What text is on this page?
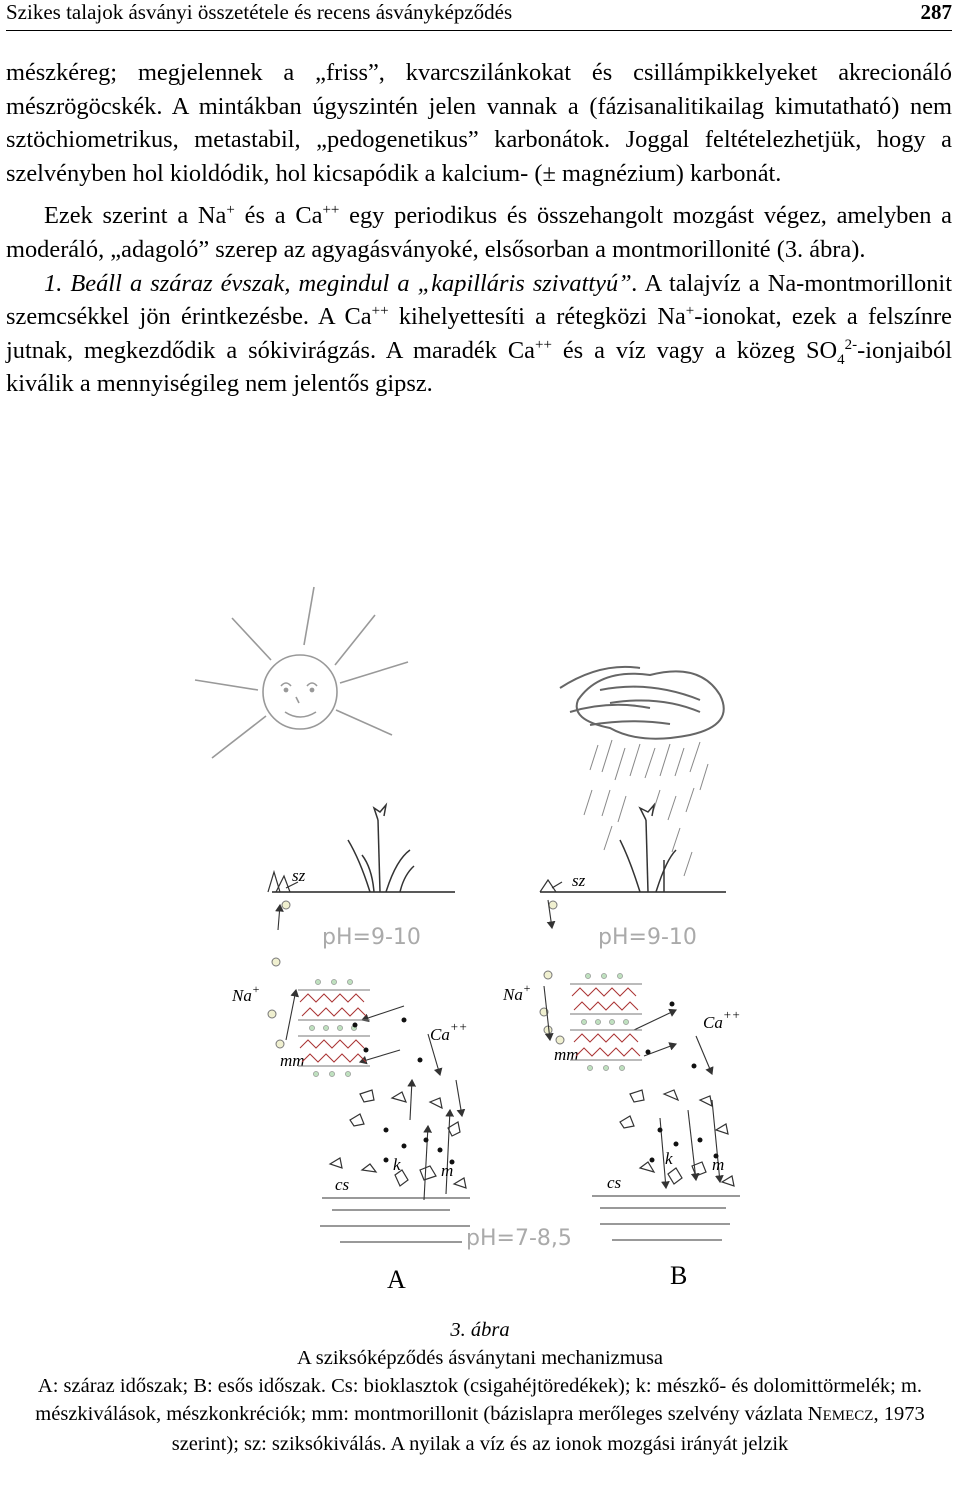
Szikes talajok ásványi összetétele és recens ásványképződés	287

mészkéreg; megjelennek a „friss”, kvarcszilánkokat és csillámpikkelyeket akrecionáló mészrögöcskék. A mintákban úgyszintén jelen vannak a (fázisanalitikailag kimutatható) nem sztöchiometrikus, metastabil, „pedogenetikus” karbonátok. Joggal feltételezhetjük, hogy a szelvényben hol kioldódik, hol kicsapódik a kalcium- (± magnézium) karbonát.

Ezek szerint a Na+ és a Ca++ egy periodikus és összehangolt mozgást végez, amelyben a moderáló, „adagoló” szerep az agyagásványoké, elsősorban a montmorillonité (3. ábra).

1. Beáll a száraz évszak, megindul a „kapilláris szivattyú”. A talajvíz a Na-montmorillonit szemcsékkel jön érintkezésbe. A Ca++ kihelyettesíti a rétegközi Na+-ionokat, ezek a felszínre jutnak, megkezdődik a sókivirágzás. A maradék Ca++ és a víz vagy a közeg $SO_4^{2-}$-ionjaiból kiválik a mennyiségileg nem jelentős gipsz.

sz
pH=9-10
Na+
Ca++
mm
cs
k m
A
sz
pH=9-10
Na+
Ca++
mm
cs
k m
B
pH=7-8,5
3. ábra
A sziksóképződés ásványtani mechanizmusa
A: száraz időszak; B: esős időszak. Cs: bioklasztok (csigahéjtöredékek); k: mészkő- és dolomittörmelék; m. mészkiválások, mészkonkréciók; mm: montmorillonit (bázislapra merőleges szelvény vázlata NEMECZ, 1973 szerint); sz: sziksókiválás. A nyilak a víz és az ionok mozgási irányát jelzik
